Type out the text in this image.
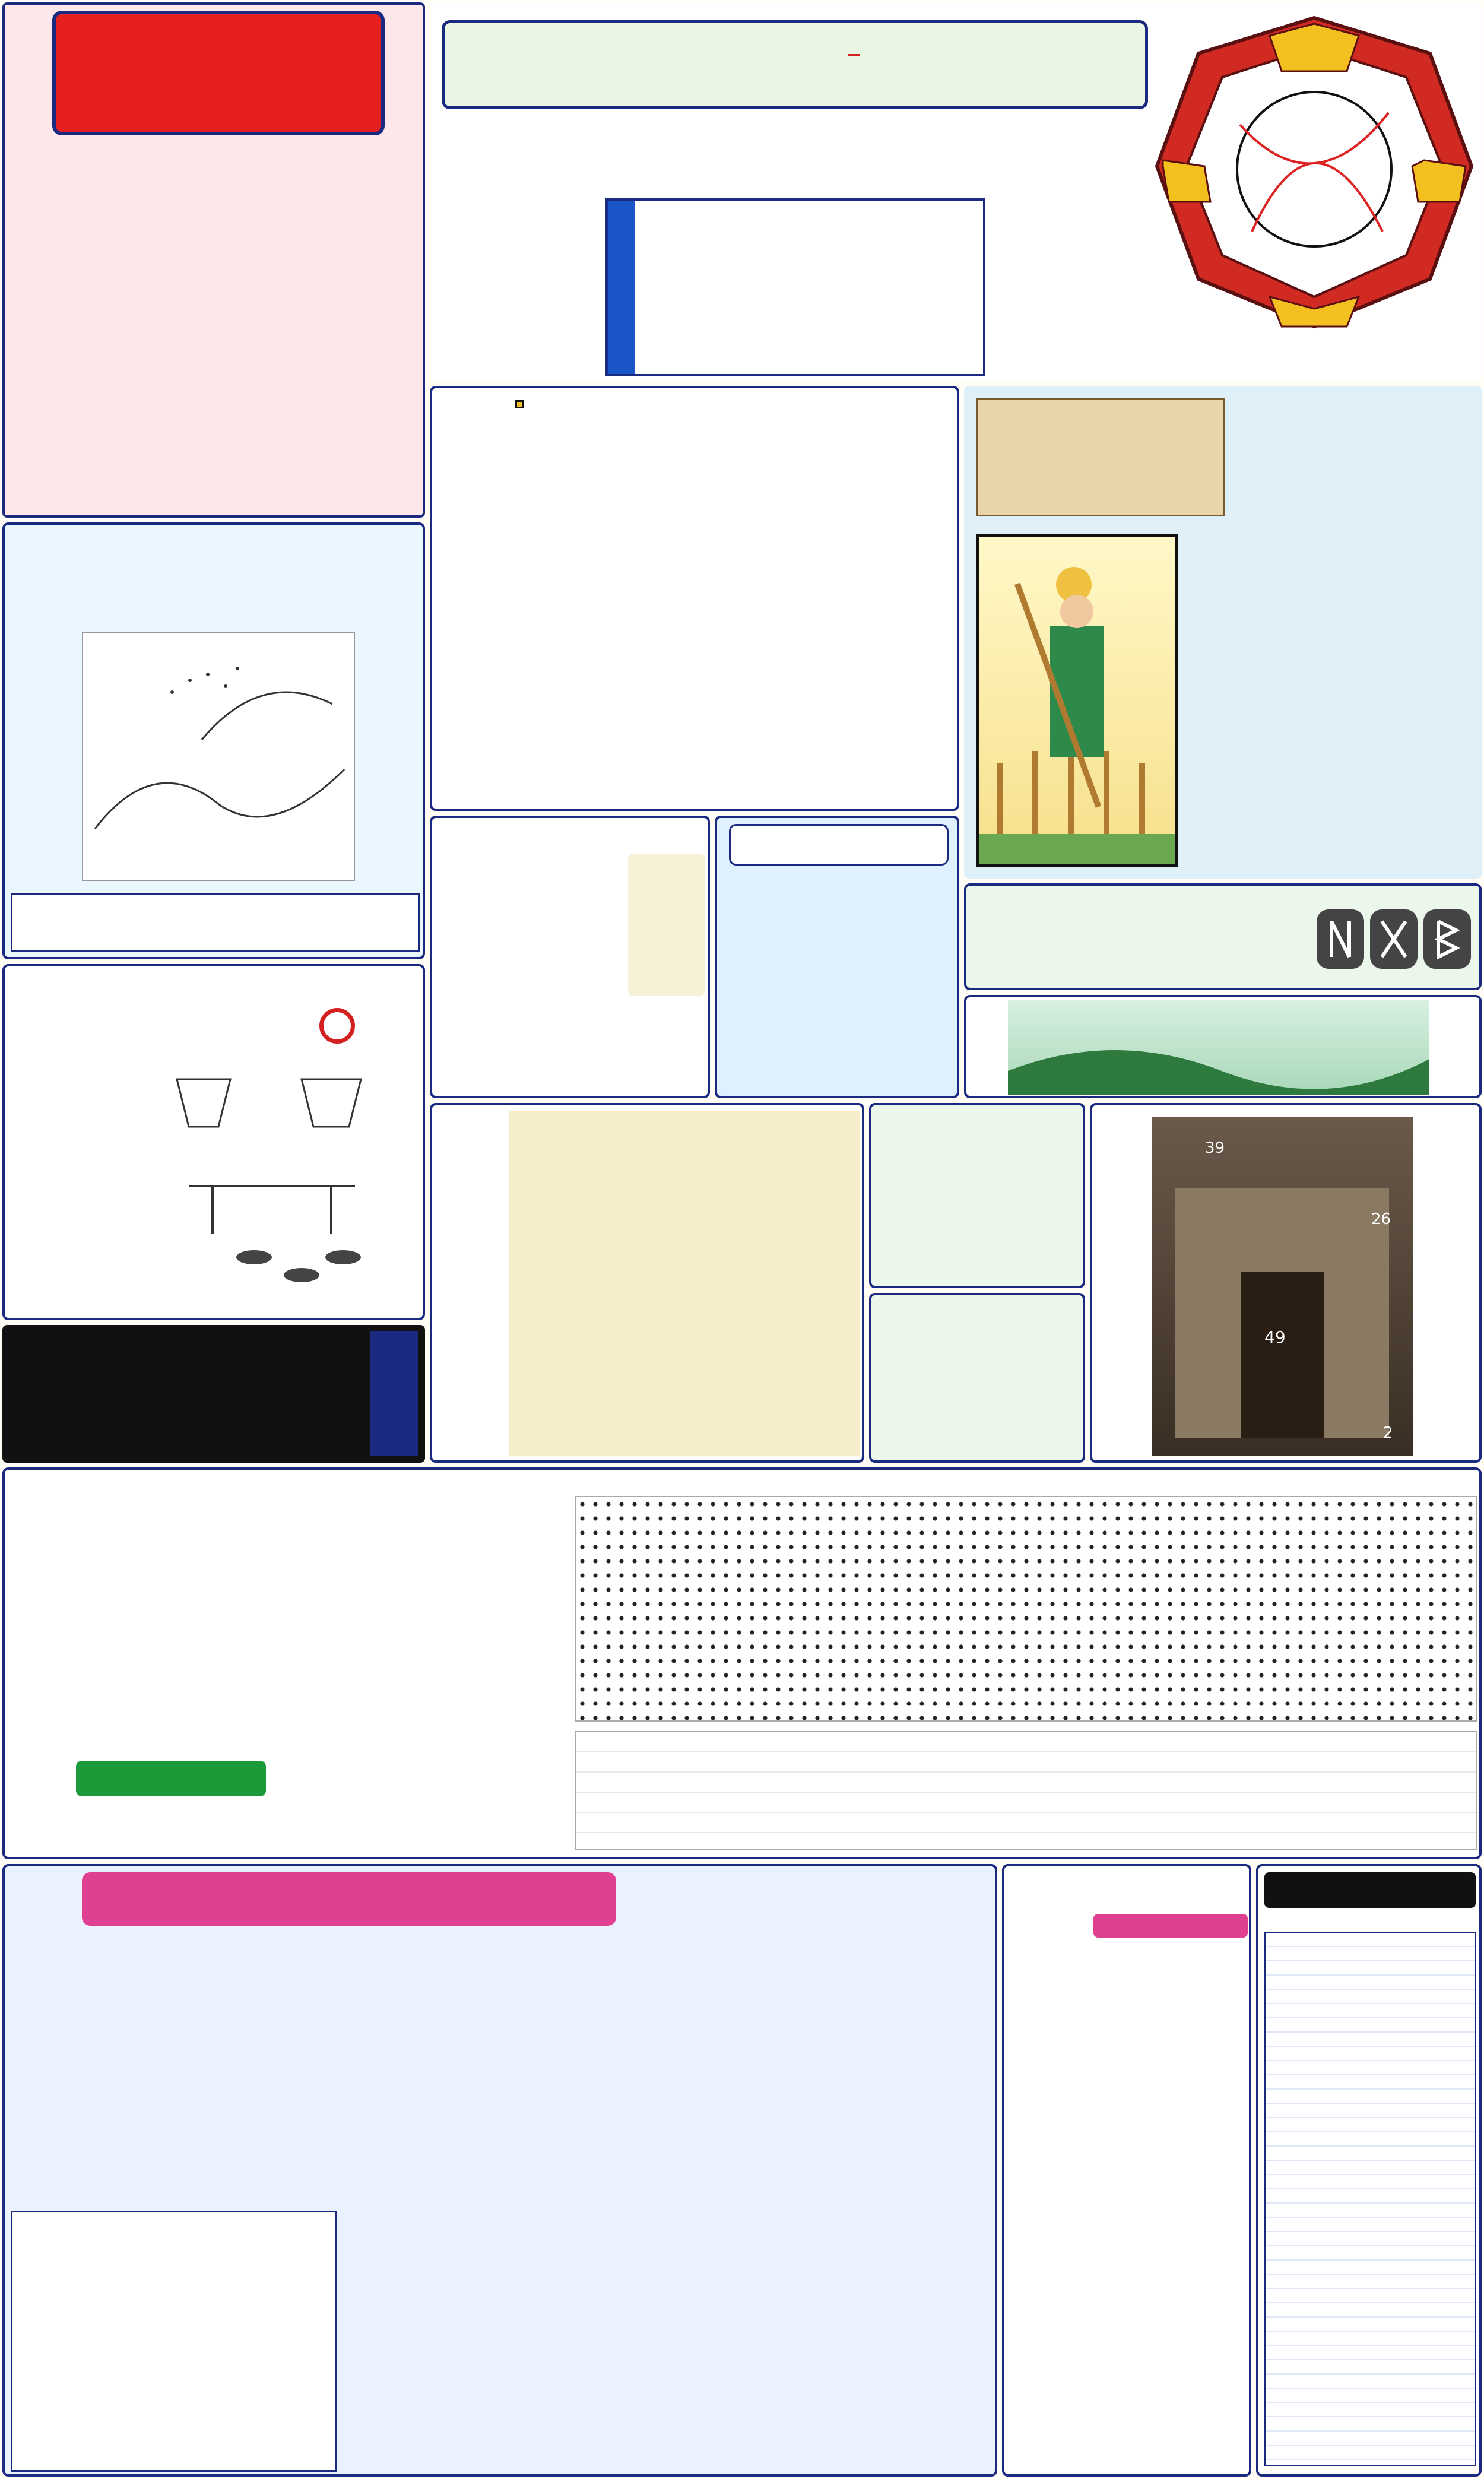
39
26
49
2
